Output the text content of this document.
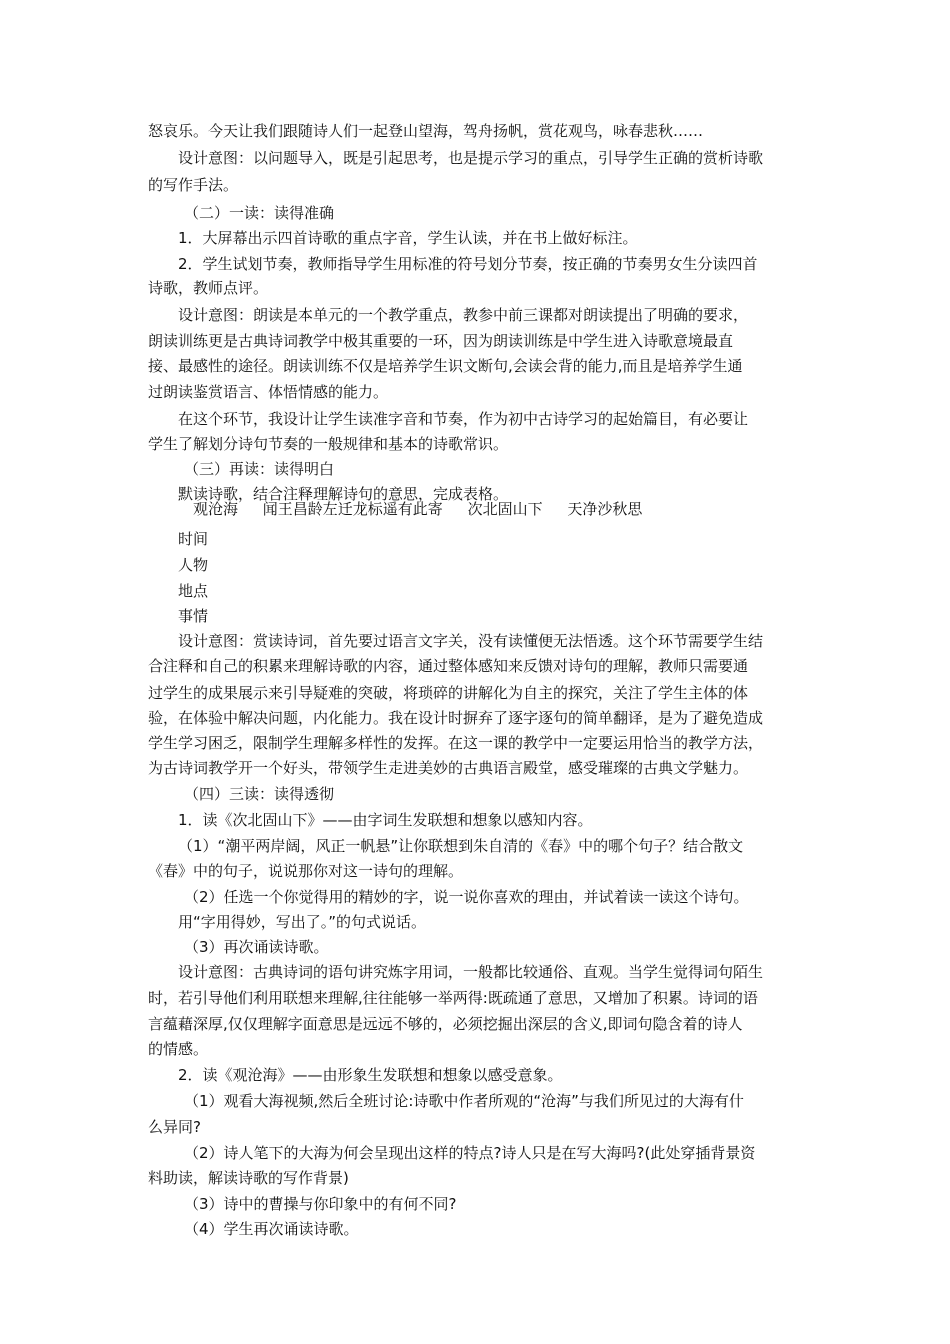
怒哀乐。今天让我们跟随诗人们一起登山望海，驾舟扬帆，赏花观鸟，咏春悲秋……
设计意图：以问题导入，既是引起思考，也是提示学习的重点，引导学生正确的赏析诗歌
的写作手法。
（二）一读：读得准确
1．大屏幕出示四首诗歌的重点字音，学生认读，并在书上做好标注。
2．学生试划节奏，教师指导学生用标准的符号划分节奏，按正确的节奏男女生分读四首
诗歌，教师点评。
设计意图：朗读是本单元的一个教学重点，教参中前三课都对朗读提出了明确的要求，
朗读训练更是古典诗词教学中极其重要的一环，因为朗读训练是中学生进入诗歌意境最直
接、最感性的途径。朗读训练不仅是培养学生识文断句,会读会背的能力,而且是培养学生通
过朗读鉴赏语言、体悟情感的能力。
在这个环节，我设计让学生读准字音和节奏，作为初中古诗学习的起始篇目，有必要让
学生了解划分诗句节奏的一般规律和基本的诗歌常识。
（三）再读：读得明白
默读诗歌，结合注释理解诗句的意思，完成表格。
观沧海 闻王昌龄左迁龙标遥有此寄 次北固山下 天净沙秋思
时间
人物
地点
事情
设计意图：赏读诗词，首先要过语言文字关，没有读懂便无法悟透。这个环节需要学生结
合注释和自己的积累来理解诗歌的内容，通过整体感知来反馈对诗句的理解，教师只需要通
过学生的成果展示来引导疑难的突破，将琐碎的讲解化为自主的探究，关注了学生主体的体
验，在体验中解决问题，内化能力。我在设计时摒弃了逐字逐句的简单翻译，是为了避免造成
学生学习困乏，限制学生理解多样性的发挥。在这一课的教学中一定要运用恰当的教学方法，
为古诗词教学开一个好头，带领学生走进美妙的古典语言殿堂，感受璀璨的古典文学魅力。
（四）三读：读得透彻
1．读《次北固山下》——由字词生发联想和想象以感知内容。
（1）“潮平两岸阔，风正一帆悬”让你联想到朱自清的《春》中的哪个句子？结合散文
《春》中的句子，说说那你对这一诗句的理解。
（2）任选一个你觉得用的精妙的字，说一说你喜欢的理由，并试着读一读这个诗句。
用“字用得妙，写出了。”的句式说话。
（3）再次诵读诗歌。
设计意图：古典诗词的语句讲究炼字用词，一般都比较通俗、直观。当学生觉得词句陌生
时，若引导他们利用联想来理解,往往能够一举两得:既疏通了意思，又增加了积累。诗词的语
言蕴藉深厚,仅仅理解字面意思是远远不够的，必须挖掘出深层的含义,即词句隐含着的诗人
的情感。
2．读《观沧海》——由形象生发联想和想象以感受意象。
（1）观看大海视频,然后全班讨论:诗歌中作者所观的“沧海”与我们所见过的大海有什
么异同?
（2）诗人笔下的大海为何会呈现出这样的特点?诗人只是在写大海吗?(此处穿插背景资
料助读，解读诗歌的写作背景)
（3）诗中的曹操与你印象中的有何不同?
（4）学生再次诵读诗歌。
